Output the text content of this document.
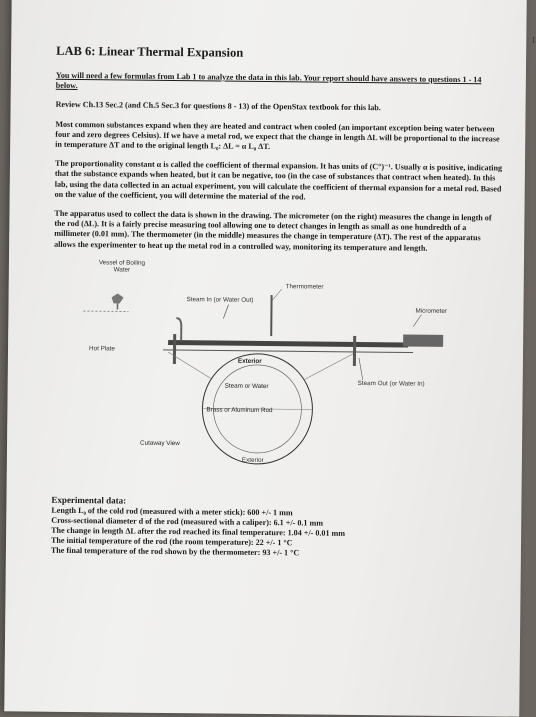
1
LAB 6: Linear Thermal Expansion

You will need a few formulas from Lab 1 to analyze the data in this lab. Your report should have answers to questions 1 - 14 below.

Review Ch.13 Sec.2 (and Ch.5 Sec.3 for questions 8 - 13) of the OpenStax textbook for this lab.

Most common substances expand when they are heated and contract when cooled (an important exception being water between four and zero degrees Celsius). If we have a metal rod, we expect that the change in length ΔL will be proportional to the increase in temperature ΔT and to the original length L₀: ΔL = α L₀ ΔT.

The proportionality constant α is called the coefficient of thermal expansion. It has units of (C°)⁻¹. Usually α is positive, indicating that the substance expands when heated, but it can be negative, too (in the case of substances that contract when heated). In this lab, using the data collected in an actual experiment, you will calculate the coefficient of thermal expansion for a metal rod. Based on the value of the coefficient, you will determine the material of the rod.

The apparatus used to collect the data is shown in the drawing. The micrometer (on the right) measures the change in length of the rod (ΔL). It is a fairly precise measuring tool allowing one to detect changes in length as small as one hundredth of a millimeter (0.01 mm). The thermometer (in the middle) measures the change in temperature (ΔT). The rest of the apparatus allows the experimenter to heat up the metal rod in a controlled way, monitoring its temperature and length.

Vessel of Boiling Water
Thermometer
Steam In (or Water Out)
Micrometer
Hot Plate
Exterior
Steam Out (or Water In)
Steam or Water
Brass or Aluminum Rod
Cutaway View
Exterior
Experimental data:

Length L₀ of the cold rod (measured with a meter stick): 600 +/- 1 mm

Cross-sectional diameter d of the rod (measured with a caliper): 6.1 +/- 0.1 mm

The change in length ΔL after the rod reached its final temperature: 1.04 +/- 0.01 mm

The initial temperature of the rod (the room temperature): 22 +/- 1 °C

The final temperature of the rod shown by the thermometer: 93 +/- 1 °C
